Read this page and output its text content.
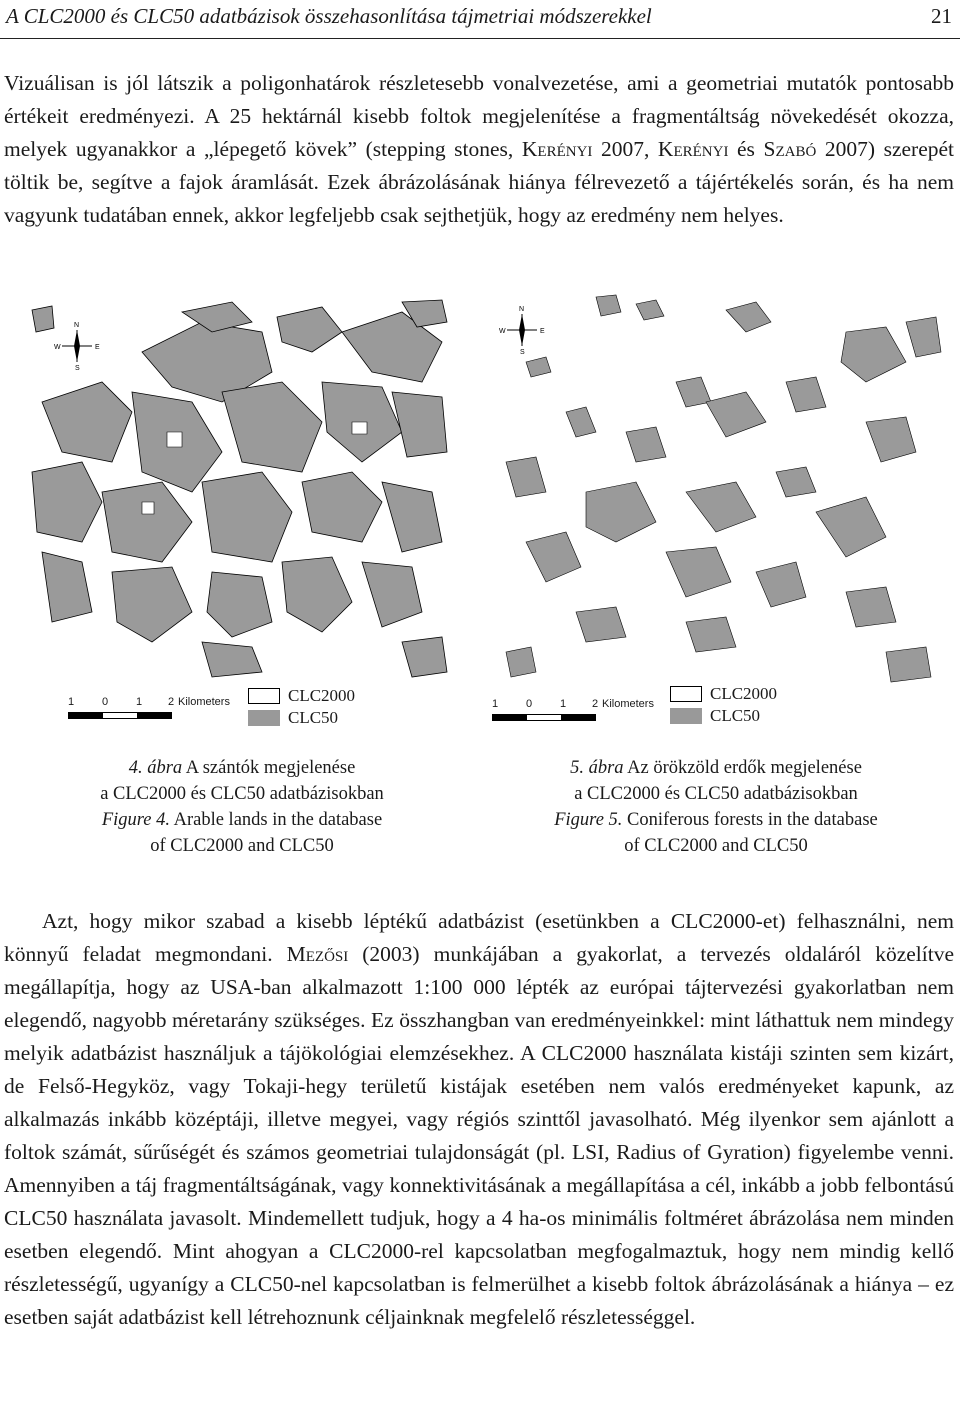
A CLC2000 és CLC50 adatbázisok összehasonlítása tájmetriai módszerekkel	21

Vizuálisan is jól látszik a poligonhatárok részletesebb vonalvezetése, ami a geometriai mutatók pontosabb értékeit eredményezi. A 25 hektárnál kisebb foltok megjelenítése a fragmentáltság növekedését okozza, melyek ugyanakkor a „lépegető kövek” (stepping stones, Kerényi 2007, Kerényi és Szabó 2007) szerepét töltik be, segítve a fajok áramlását. Ezek ábrázolásának hiánya félrevezető a tájértékelés során, és ha nem vagyunk tudatában ennek, akkor legfeljebb csak sejthetjük, hogy az eredmény nem helyes.

N
S
E
W
1	0	1 2 Kilometers	CLC2000
CLC50
N
S
E
W
1	0	1 2 Kilometers
CLC2000
CLC50
4. ábra A szántók megjelenése
a CLC2000 és CLC50 adatbázisokban
Figure 4. Arable lands in the database
of CLC2000 and CLC50
5. ábra Az örökzöld erdők megjelenése
a CLC2000 és CLC50 adatbázisokban
Figure 5. Coniferous forests in the database
of CLC2000 and CLC50

Azt, hogy mikor szabad a kisebb léptékű adatbázist (esetünkben a CLC2000-et) felhasználni, nem könnyű feladat megmondani. Mezősi (2003) munkájában a gyakorlat, a tervezés oldaláról közelítve megállapítja, hogy az USA-ban alkalmazott 1:100 000 lépték az európai tájtervezési gyakorlatban nem elegendő, nagyobb méretarány szükséges. Ez összhangban van eredményeinkkel: mint láthattuk nem mindegy melyik adatbázist használjuk a tájökológiai elemzésekhez. A CLC2000 használata kistáji szinten sem kizárt, de Felső-Hegyköz, vagy Tokaji-hegy területű kistájak esetében nem valós eredményeket kapunk, az alkalmazás inkább középtáji, illetve megyei, vagy régiós szinttől javasolható. Még ilyenkor sem ajánlott a foltok számát, sűrűségét és számos geometriai tulajdonságát (pl. LSI, Radius of Gyration) figyelembe venni. Amennyiben a táj fragmentáltságának, vagy konnektivitásának a megállapítása a cél, inkább a jobb felbontású CLC50 használata javasolt. Mindemellett tudjuk, hogy a 4 ha-os minimális foltméret ábrázolása nem minden esetben elegendő. Mint ahogyan a CLC2000-rel kapcsolatban megfogalmaztuk, hogy nem mindig kellő részletességű, ugyanígy a CLC50-nel kapcsolatban is felmerülhet a kisebb foltok ábrázolásának a hiánya – ez esetben saját adatbázist kell létrehoznunk céljainknak megfelelő részletességgel.
